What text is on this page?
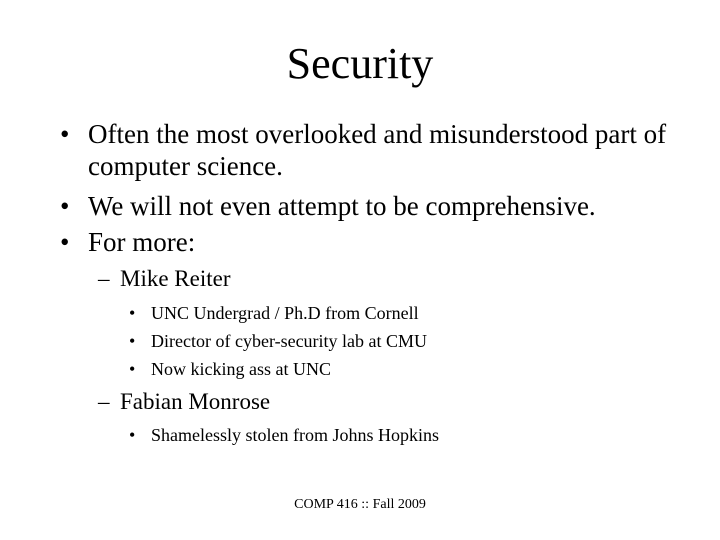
Security
• Often the most overlooked and misunderstood part of computer science.
• We will not even attempt to be comprehensive.
• For more:
– Mike Reiter
• UNC Undergrad / Ph.D from Cornell
• Director of cyber-security lab at CMU
• Now kicking ass at UNC
– Fabian Monrose
• Shamelessly stolen from Johns Hopkins
COMP 416 :: Fall 2009
